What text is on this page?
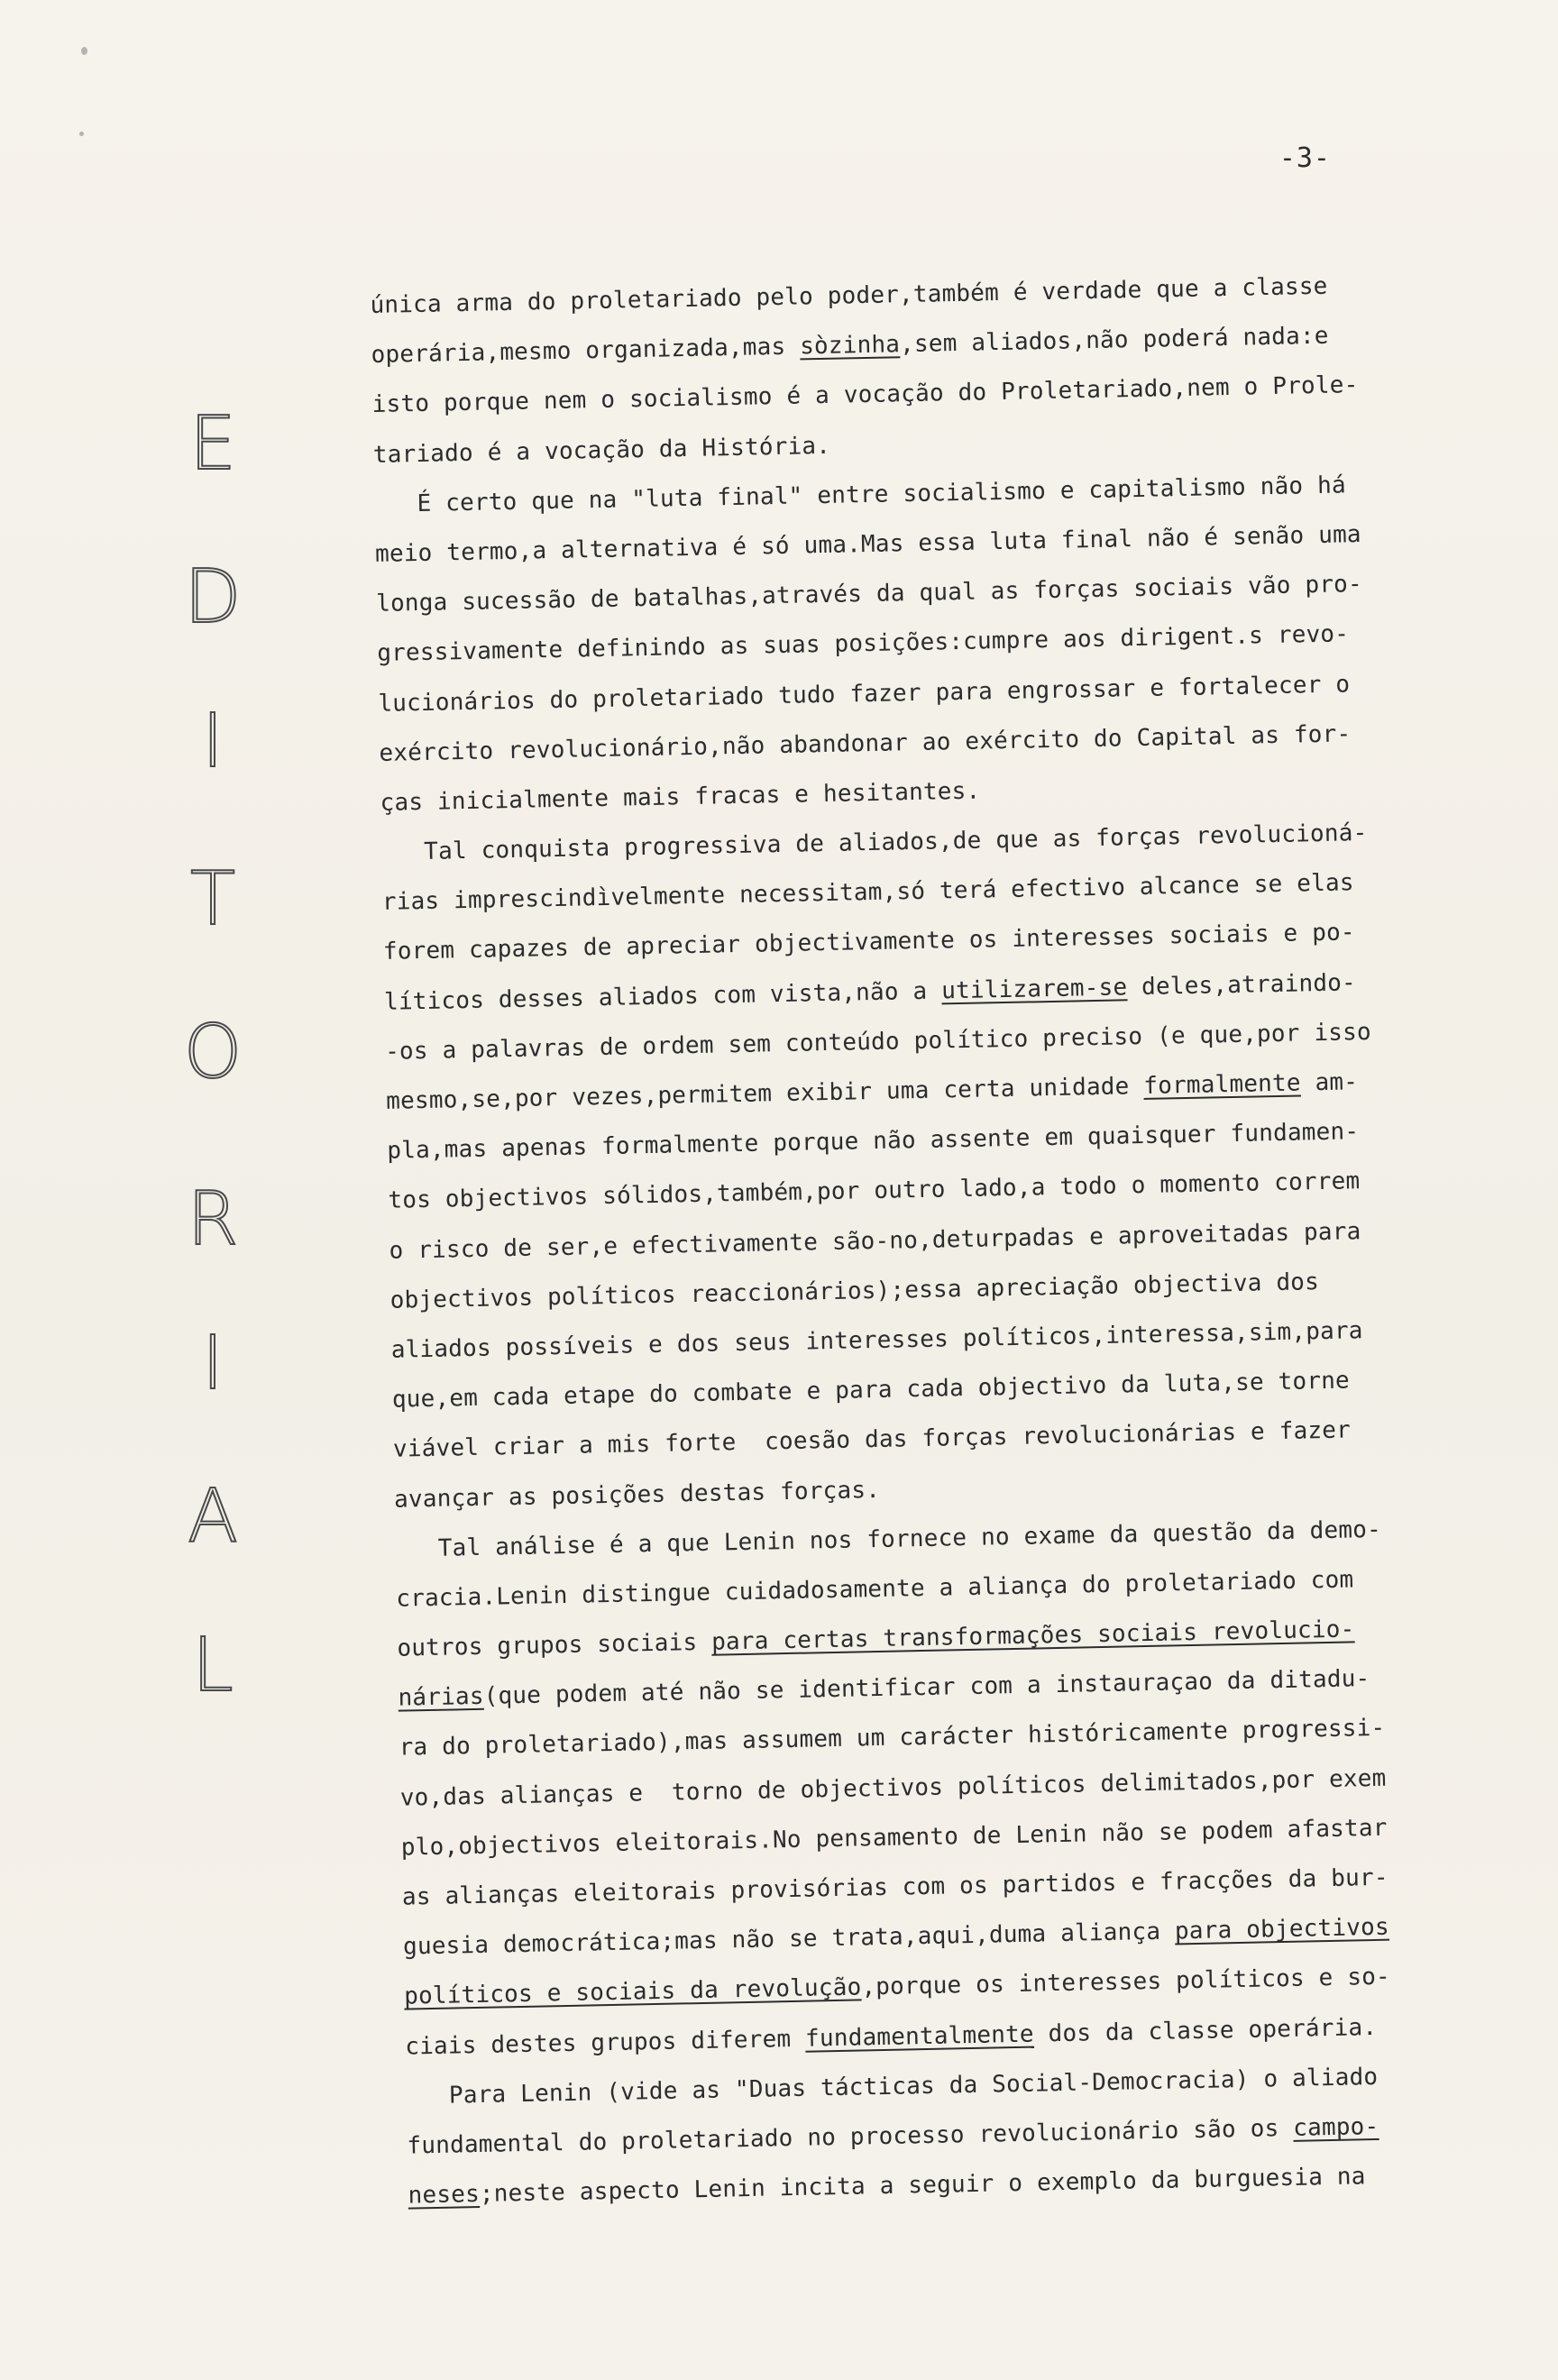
-3-
E
D
I
T
O
R
I
A
L
única arma do proletariado pelo poder,também é verdade que a classe
operária,mesmo organizada,mas sòzinha,sem aliados,não poderá nada:e
isto porque nem o socialismo é a vocação do Proletariado,nem o Prole-
tariado é a vocação da História.
É certo que na "luta final" entre socialismo e capitalismo não há
meio termo,a alternativa é só uma.Mas essa luta final não é senão uma
longa sucessão de batalhas,através da qual as forças sociais vão pro-
gressivamente definindo as suas posições:cumpre aos dirigent.s revo-
lucionários do proletariado tudo fazer para engrossar e fortalecer o
exército revolucionário,não abandonar ao exército do Capital as for-
ças inicialmente mais fracas e hesitantes.
Tal conquista progressiva de aliados,de que as forças revolucioná-
rias imprescindìvelmente necessitam,só terá efectivo alcance se elas
forem capazes de apreciar objectivamente os interesses sociais e po-
líticos desses aliados com vista,não a utilizarem-se deles,atraindo-
-os a palavras de ordem sem conteúdo político preciso (e que,por isso
mesmo,se,por vezes,permitem exibir uma certa unidade formalmente am-
pla,mas apenas formalmente porque não assente em quaisquer fundamen-
tos objectivos sólidos,também,por outro lado,a todo o momento correm
o risco de ser,e efectivamente são-no,deturpadas e aproveitadas para
objectivos políticos reaccionários);essa apreciação objectiva dos
aliados possíveis e dos seus interesses políticos,interessa,sim,para
que,em cada etape do combate e para cada objectivo da luta,se torne
viável criar a mis forte  coesão das forças revolucionárias e fazer
avançar as posições destas forças.
Tal análise é a que Lenin nos fornece no exame da questão da demo-
cracia.Lenin distingue cuidadosamente a aliança do proletariado com
outros grupos sociais para certas transformações sociais revolucio-
nárias(que podem até não se identificar com a instauraçao da ditadu-
ra do proletariado),mas assumem um carácter históricamente progressi-
vo,das alianças e  torno de objectivos políticos delimitados,por exem
plo,objectivos eleitorais.No pensamento de Lenin não se podem afastar
as alianças eleitorais provisórias com os partidos e fracções da bur-
guesia democrática;mas não se trata,aqui,duma aliança para objectivos
políticos e sociais da revolução,porque os interesses políticos e so-
ciais destes grupos diferem fundamentalmente dos da classe operária.
Para Lenin (vide as "Duas tácticas da Social-Democracia) o aliado
fundamental do proletariado no processo revolucionário são os campo-
neses;neste aspecto Lenin incita a seguir o exemplo da burguesia na
